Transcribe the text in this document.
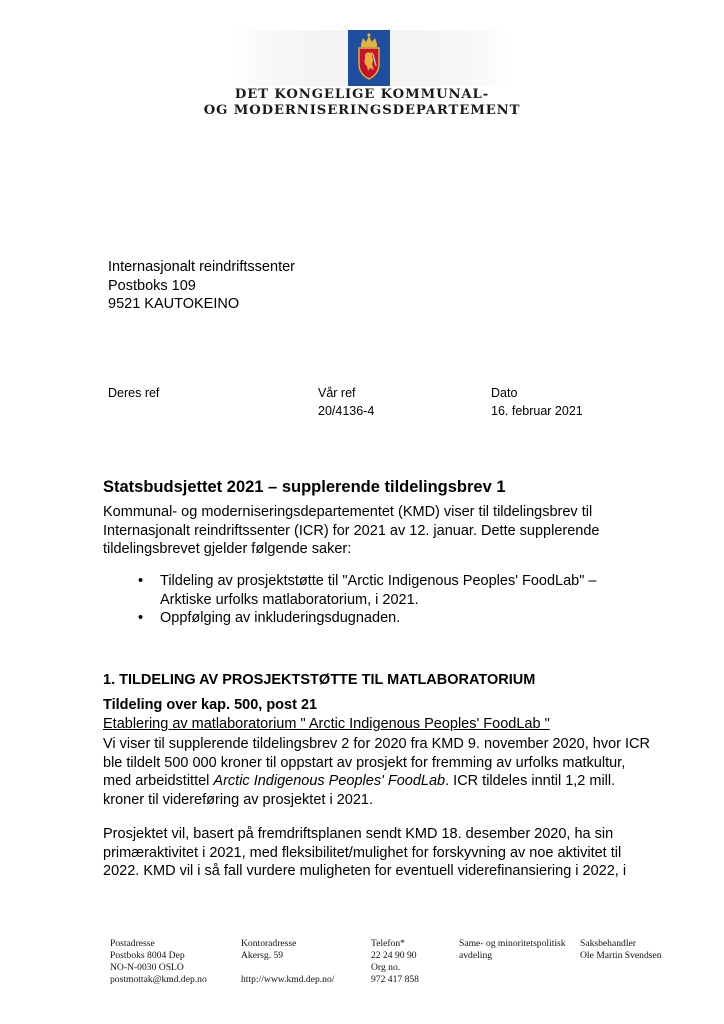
DET KONGELIGE KOMMUNAL-
OG MODERNISERINGSDEPARTEMENT
Internasjonalt reindriftssenter
Postboks 109
9521 KAUTOKEINO
Deres ref	Vår ref
20/4136-4
Dato
16. februar 2021
Statsbudsjettet 2021 – supplerende tildelingsbrev 1
Kommunal- og moderniseringsdepartementet (KMD) viser til tildelingsbrev til
Internasjonalt reindriftssenter (ICR) for 2021 av 12. januar. Dette supplerende
tildelingsbrevet gjelder følgende saker:
• Tildeling av prosjektstøtte til "Arctic Indigenous Peoples' FoodLab" –
Arktiske urfolks matlaboratorium, i 2021.
• Oppfølging av inkluderingsdugnaden.
1. TILDELING AV PROSJEKTSTØTTE TIL MATLABORATORIUM
Tildeling over kap. 500, post 21
Etablering av matlaboratorium " Arctic Indigenous Peoples' FoodLab "
Vi viser til supplerende tildelingsbrev 2 for 2020 fra KMD 9. november 2020, hvor ICR
ble tildelt 500 000 kroner til oppstart av prosjekt for fremming av urfolks matkultur,
med arbeidstittel Arctic Indigenous Peoples' FoodLab. ICR tildeles inntil 1,2 mill.
kroner til videreføring av prosjektet i 2021.
Prosjektet vil, basert på fremdriftsplanen sendt KMD 18. desember 2020, ha sin
primæraktivitet i 2021, med fleksibilitet/mulighet for forskyvning av noe aktivitet til
2022. KMD vil i så fall vurdere muligheten for eventuell viderefinansiering i 2022, i
Postadresse
Postboks 8004 Dep
NO-N-0030 OSLO
postmottak@kmd.dep.no
Kontoradresse
Akersg. 59

http://www.kmd.dep.no/
Telefon*
22 24 90 90
Org no.
972 417 858
Same- og minoritetspolitisk
avdeling
Saksbehandler
Ole Martin Svendsen
